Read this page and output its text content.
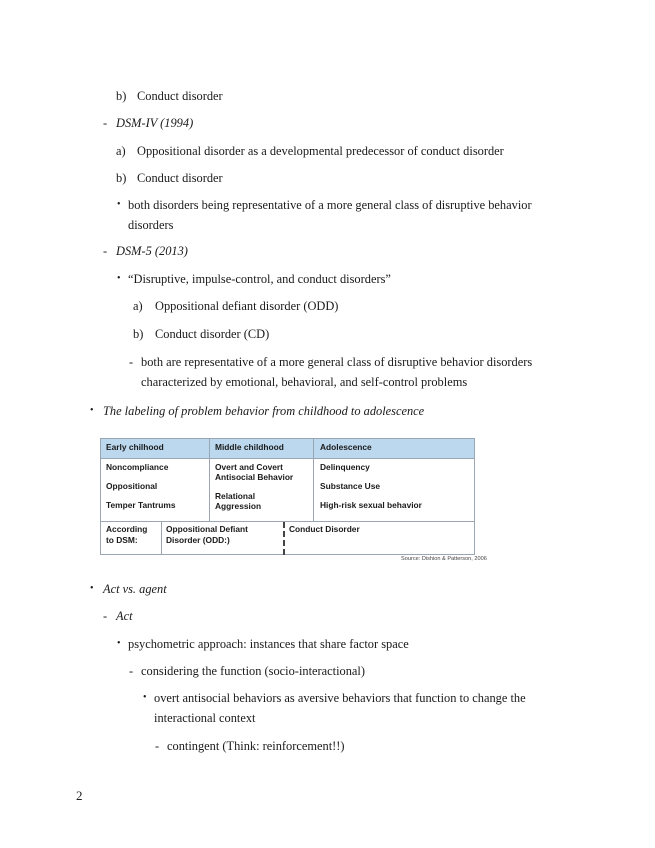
b) Conduct disorder
- DSM-IV (1994)
a) Oppositional disorder as a developmental predecessor of conduct disorder
b) Conduct disorder
• both disorders being representative of a more general class of disruptive behavior
disorders
- DSM-5 (2013)
• “Disruptive, impulse-control, and conduct disorders”
a) Oppositional defiant disorder (ODD)
b) Conduct disorder (CD)
- both are representative of a more general class of disruptive behavior disorders
characterized by emotional, behavioral, and self-control problems
• The labeling of problem behavior from childhood to adolescence
Early chilhood	Middle childhood	Adolescence
Noncompliance
Oppositional
Temper Tantrums
Overt and Covert
Antisocial Behavior
Relational
Aggression
Delinquency
Substance Use
High-risk sexual behavior
According
to DSM:
Oppositional Defiant
Disorder (ODD:)
Conduct Disorder
Source: Dishion & Patterson, 2006
• Act vs. agent
- Act
• psychometric approach: instances that share factor space
- considering the function (socio-interactional)
• overt antisocial behaviors as aversive behaviors that function to change the
interactional context
- contingent (Think: reinforcement!!)
2
